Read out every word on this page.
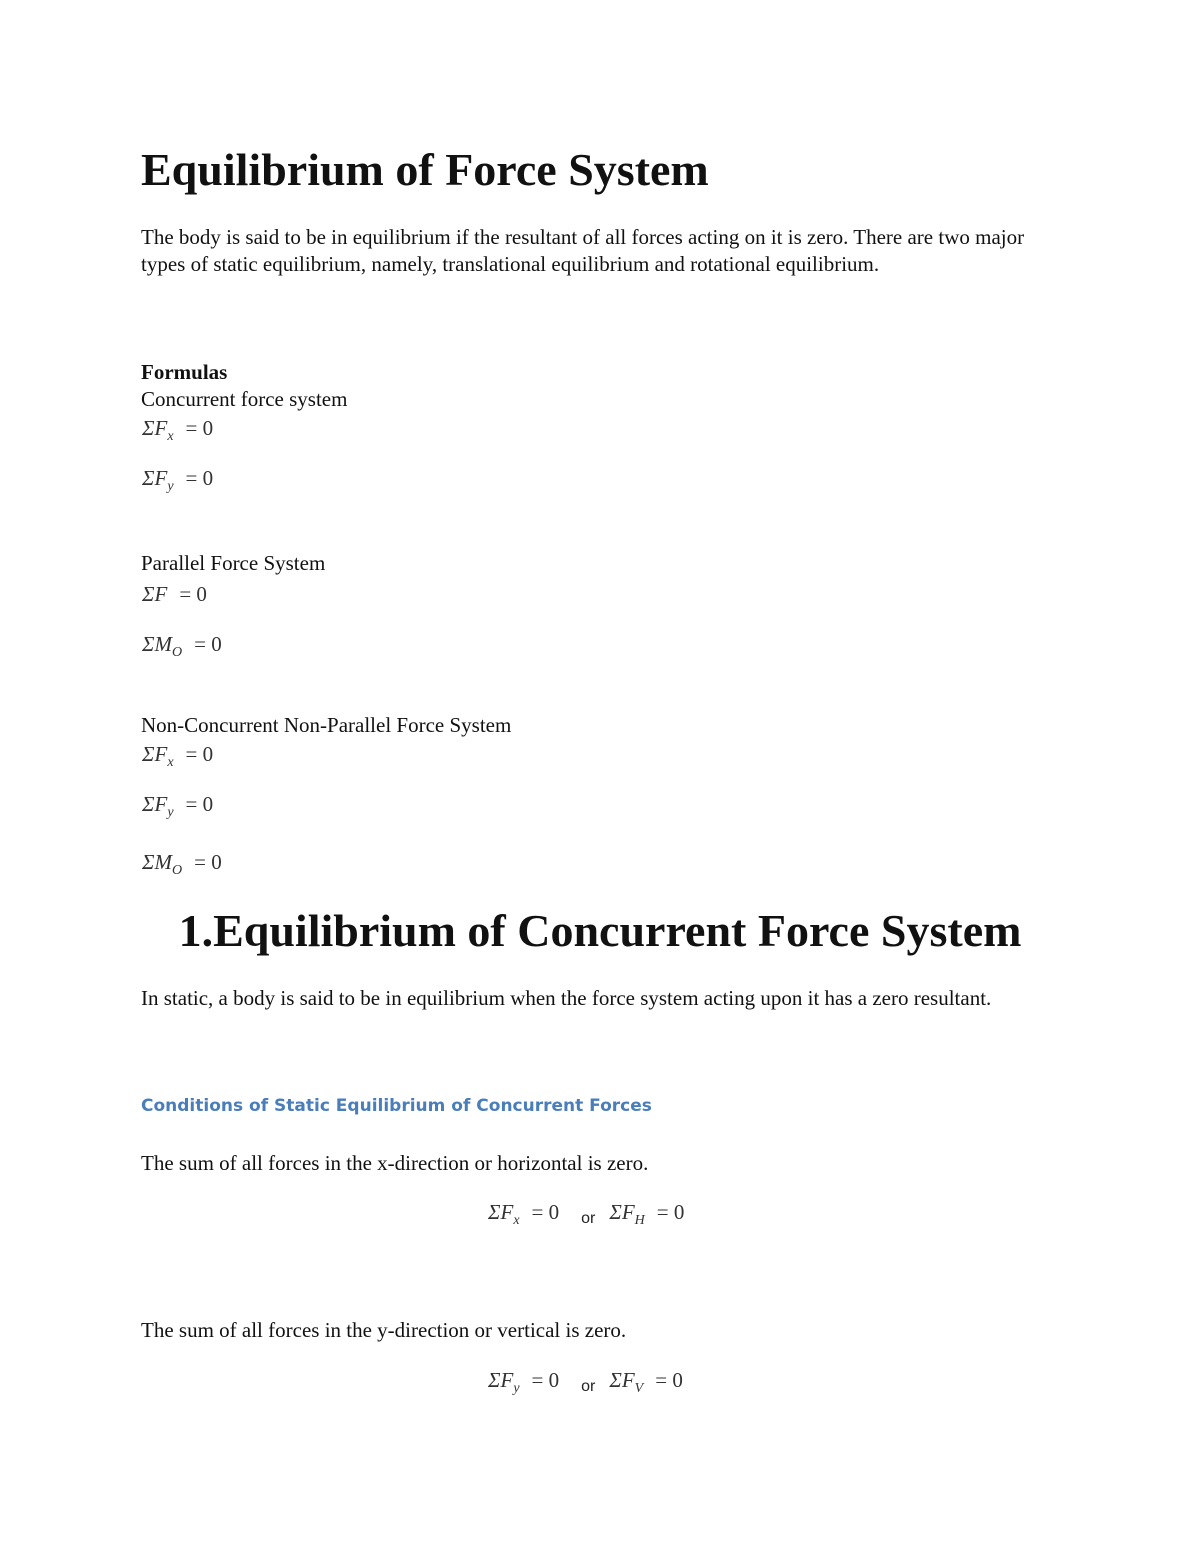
Equilibrium of Force System
The body is said to be in equilibrium if the resultant of all forces acting on it is zero. There are two major types of static equilibrium, namely, translational equilibrium and rotational equilibrium.
Formulas
Concurrent force system
$\Sigma F_x = 0$
$\Sigma F_y = 0$
Parallel Force System
ΣF = 0
$\Sigma M_O = 0$
Non-Concurrent Non-Parallel Force System
$\Sigma F_x = 0$
$\Sigma F_y = 0$
$\Sigma M_O = 0$
1.Equilibrium of Concurrent Force System
In static, a body is said to be in equilibrium when the force system acting upon it has a zero resultant.
Conditions of Static Equilibrium of Concurrent Forces
The sum of all forces in the x-direction or horizontal is zero.
$\Sigma F_x = 0$ or $\Sigma F_H = 0$
The sum of all forces in the y-direction or vertical is zero.
$\Sigma F_y = 0$ or $\Sigma F_V = 0$
